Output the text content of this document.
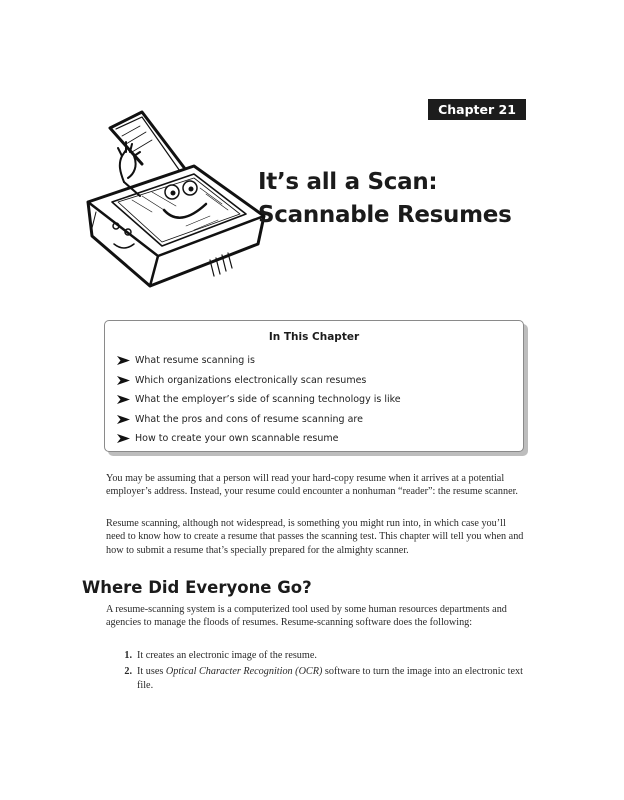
Chapter 21
It’s all a Scan:
Scannable Resumes
In This Chapter
What resume scanning is
Which organizations electronically scan resumes
What the employer’s side of scanning technology is like
What the pros and cons of resume scanning are
How to create your own scannable resume

You may be assuming that a person will read your hard-copy resume when it arrives at a potential employer’s address. Instead, your resume could encounter a nonhuman “reader”: the resume scanner.

Resume scanning, although not widespread, is something you might run into, in which case you’ll need to know how to create a resume that passes the scanning test. This chapter will tell you when and how to submit a resume that’s specially prepared for the almighty scanner.

Where Did Everyone Go?

A resume-scanning system is a computerized tool used by some human resources departments and agencies to manage the floods of resumes. Resume-scanning software does the following:

1. It creates an electronic image of the resume.
2. It uses Optical Character Recognition (OCR) software to turn the image into an electronic text file.
